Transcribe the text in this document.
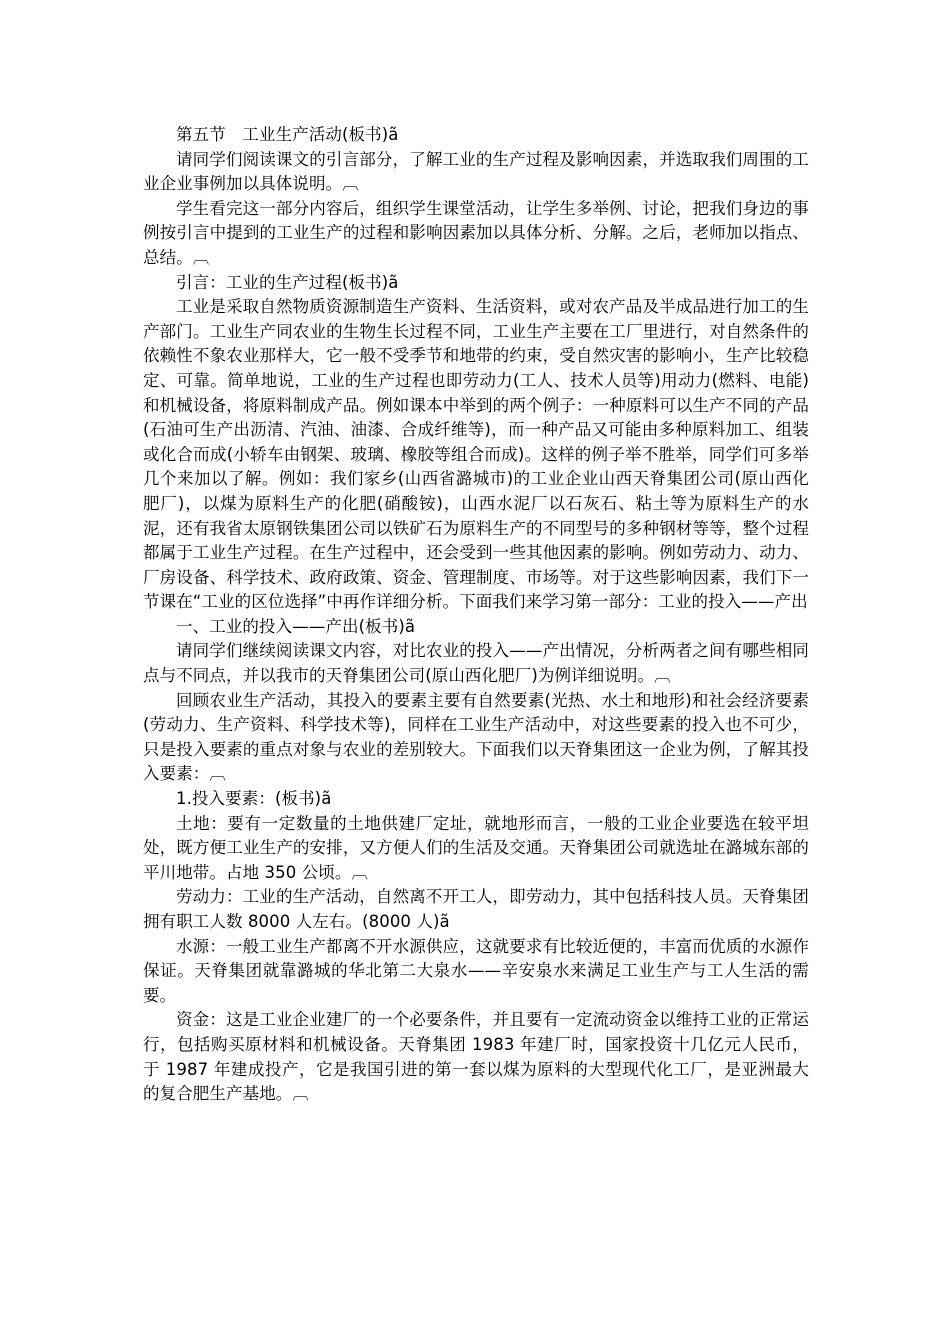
第五节　工业生产活动(板书)ã

请同学们阅读课文的引言部分，了解工业的生产过程及影响因素，并选取我们周围的工业企业事例加以具体说明。︹

学生看完这一部分内容后，组织学生课堂活动，让学生多举例、讨论，把我们身边的事例按引言中提到的工业生产的过程和影响因素加以具体分析、分解。之后，老师加以指点、总结。︹

引言：工业的生产过程(板书)ã

工业是采取自然物质资源制造生产资料、生活资料，或对农产品及半成品进行加工的生产部门。工业生产同农业的生物生长过程不同，工业生产主要在工厂里进行，对自然条件的依赖性不象农业那样大，它一般不受季节和地带的约束，受自然灾害的影响小，生产比较稳定、可靠。简单地说，工业的生产过程也即劳动力(工人、技术人员等)用动力(燃料、电能)和机械设备，将原料制成产品。例如课本中举到的两个例子：一种原料可以生产不同的产品(石油可生产出沥清、汽油、油漆、合成纤维等)，而一种产品又可能由多种原料加工、组装或化合而成(小轿车由钢架、玻璃、橡胶等组合而成)。这样的例子举不胜举，同学们可多举几个来加以了解。例如：我们家乡(山西省潞城市)的工业企业山西天脊集团公司(原山西化肥厂)，以煤为原料生产的化肥(硝酸铵)，山西水泥厂以石灰石、粘土等为原料生产的水泥，还有我省太原钢铁集团公司以铁矿石为原料生产的不同型号的多种钢材等等，整个过程都属于工业生产过程。在生产过程中，还会受到一些其他因素的影响。例如劳动力、动力、厂房设备、科学技术、政府政策、资金、管理制度、市场等。对于这些影响因素，我们下一节课在“工业的区位选择”中再作详细分析。下面我们来学习第一部分：工业的投入——产出

一、工业的投入——产出(板书)ã

请同学们继续阅读课文内容，对比农业的投入——产出情况，分析两者之间有哪些相同点与不同点，并以我市的天脊集团公司(原山西化肥厂)为例详细说明。︹

回顾农业生产活动，其投入的要素主要有自然要素(光热、水土和地形)和社会经济要素(劳动力、生产资料、科学技术等)，同样在工业生产活动中，对这些要素的投入也不可少，只是投入要素的重点对象与农业的差别较大。下面我们以天脊集团这一企业为例，了解其投入要素：︹

1.投入要素：(板书)ã

土地：要有一定数量的土地供建厂定址，就地形而言，一般的工业企业要选在较平坦处，既方便工业生产的安排，又方便人们的生活及交通。天脊集团公司就选址在潞城东部的平川地带。占地 350 公顷。︹

劳动力：工业的生产活动，自然离不开工人，即劳动力，其中包括科技人员。天脊集团拥有职工人数 8000 人左右。(8000 人)ã

水源：一般工业生产都离不开水源供应，这就要求有比较近便的，丰富而优质的水源作保证。天脊集团就靠潞城的华北第二大泉水——辛安泉水来满足工业生产与工人生活的需要。

资金：这是工业企业建厂的一个必要条件，并且要有一定流动资金以维持工业的正常运行，包括购买原材料和机械设备。天脊集团 1983 年建厂时，国家投资十几亿元人民币，于 1987 年建成投产，它是我国引进的第一套以煤为原料的大型现代化工厂，是亚洲最大的复合肥生产基地。︹
